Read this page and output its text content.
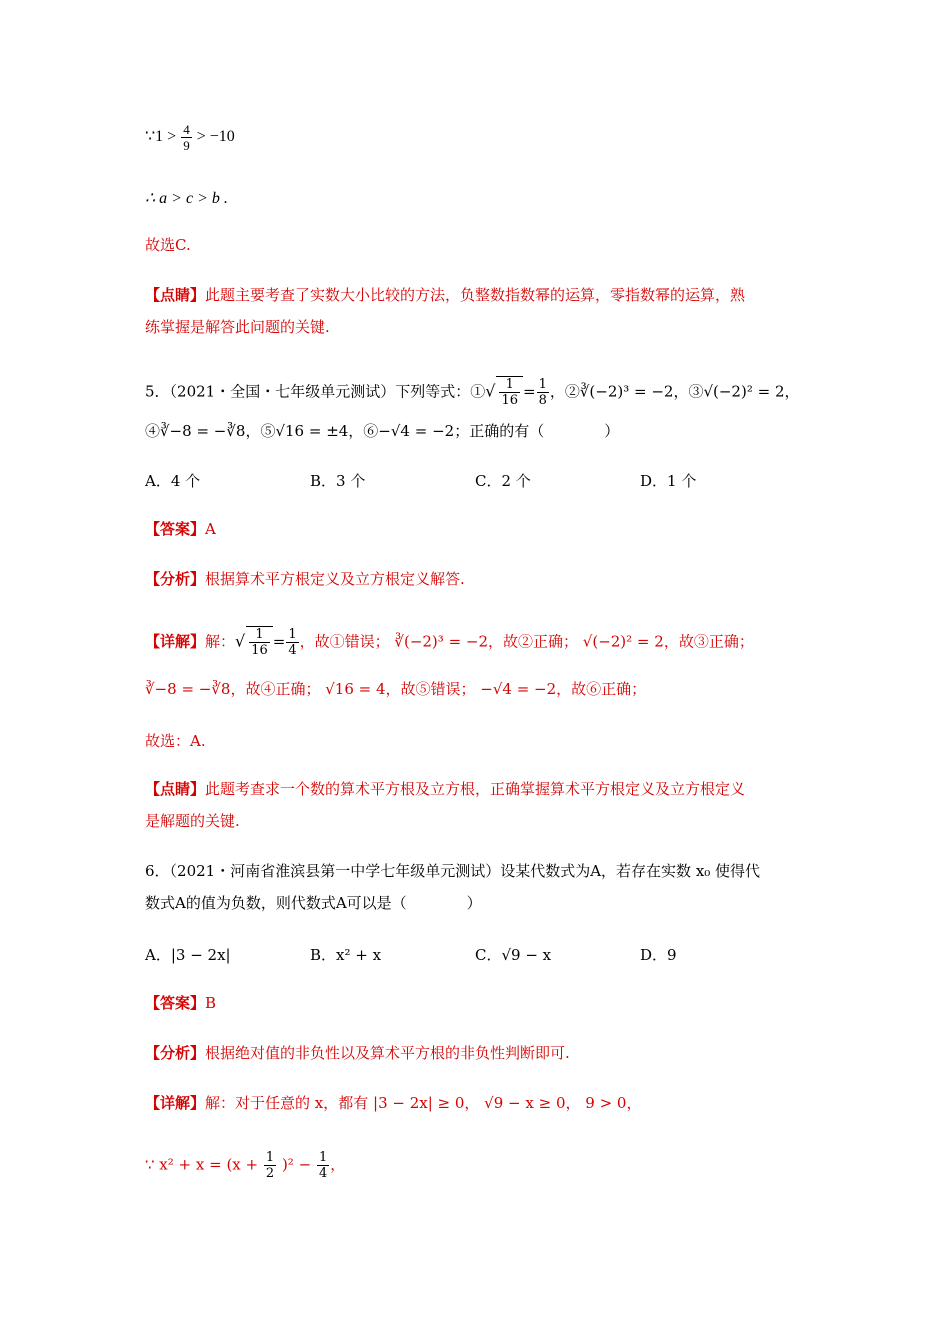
∵1 > $\frac{4}{9} > -10$
∴ a > c > b .
故选C.
【点睛】此题主要考查了实数大小比较的方法，负整数指数幂的运算，零指数幂的运算，熟
练掌握是解答此问题的关键.
5．（2021・全国・七年级单元测试）下列等式：①√ $\frac{1}{16} = \frac{1}{8}$ ，②∛(−2)³ = −2，③√(−2)² = 2，
④∛−8 = −∛8，⑤√16 = ±4，⑥−√4 = −2；正确的有（　　　　）
A．4 个	B．3 个	C．2 个	D．1 个
【答案】A
【分析】根据算术平方根定义及立方根定义解答.
【详解】解：√ $\frac{1}{16} = \frac{1}{4}$ ，故①错误； ∛(−2)³ = −2，故②正确； √(−2)² = 2，故③正确；
∛−8 = −∛8，故④正确； √16 = 4，故⑤错误； −√4 = −2，故⑥正确；
故选：A.
【点睛】此题考查求一个数的算术平方根及立方根，正确掌握算术平方根定义及立方根定义
是解题的关键.
6．（2021・河南省淮滨县第一中学七年级单元测试）设某代数式为A，若存在实数 x₀ 使得代
数式A的值为负数，则代数式A可以是（　　　　）
A．|3 − 2x|	B．x² + x	C．√9 − x	D．9
【答案】B
【分析】根据绝对值的非负性以及算术平方根的非负性判断即可.
【详解】解：对于任意的 x，都有 |3 − 2x| ≥ 0， √9 − x ≥ 0， 9 > 0，
∵ $x^2 + x = (x + \frac{1}{2} )^2 - \frac{1}{4}$ ，
